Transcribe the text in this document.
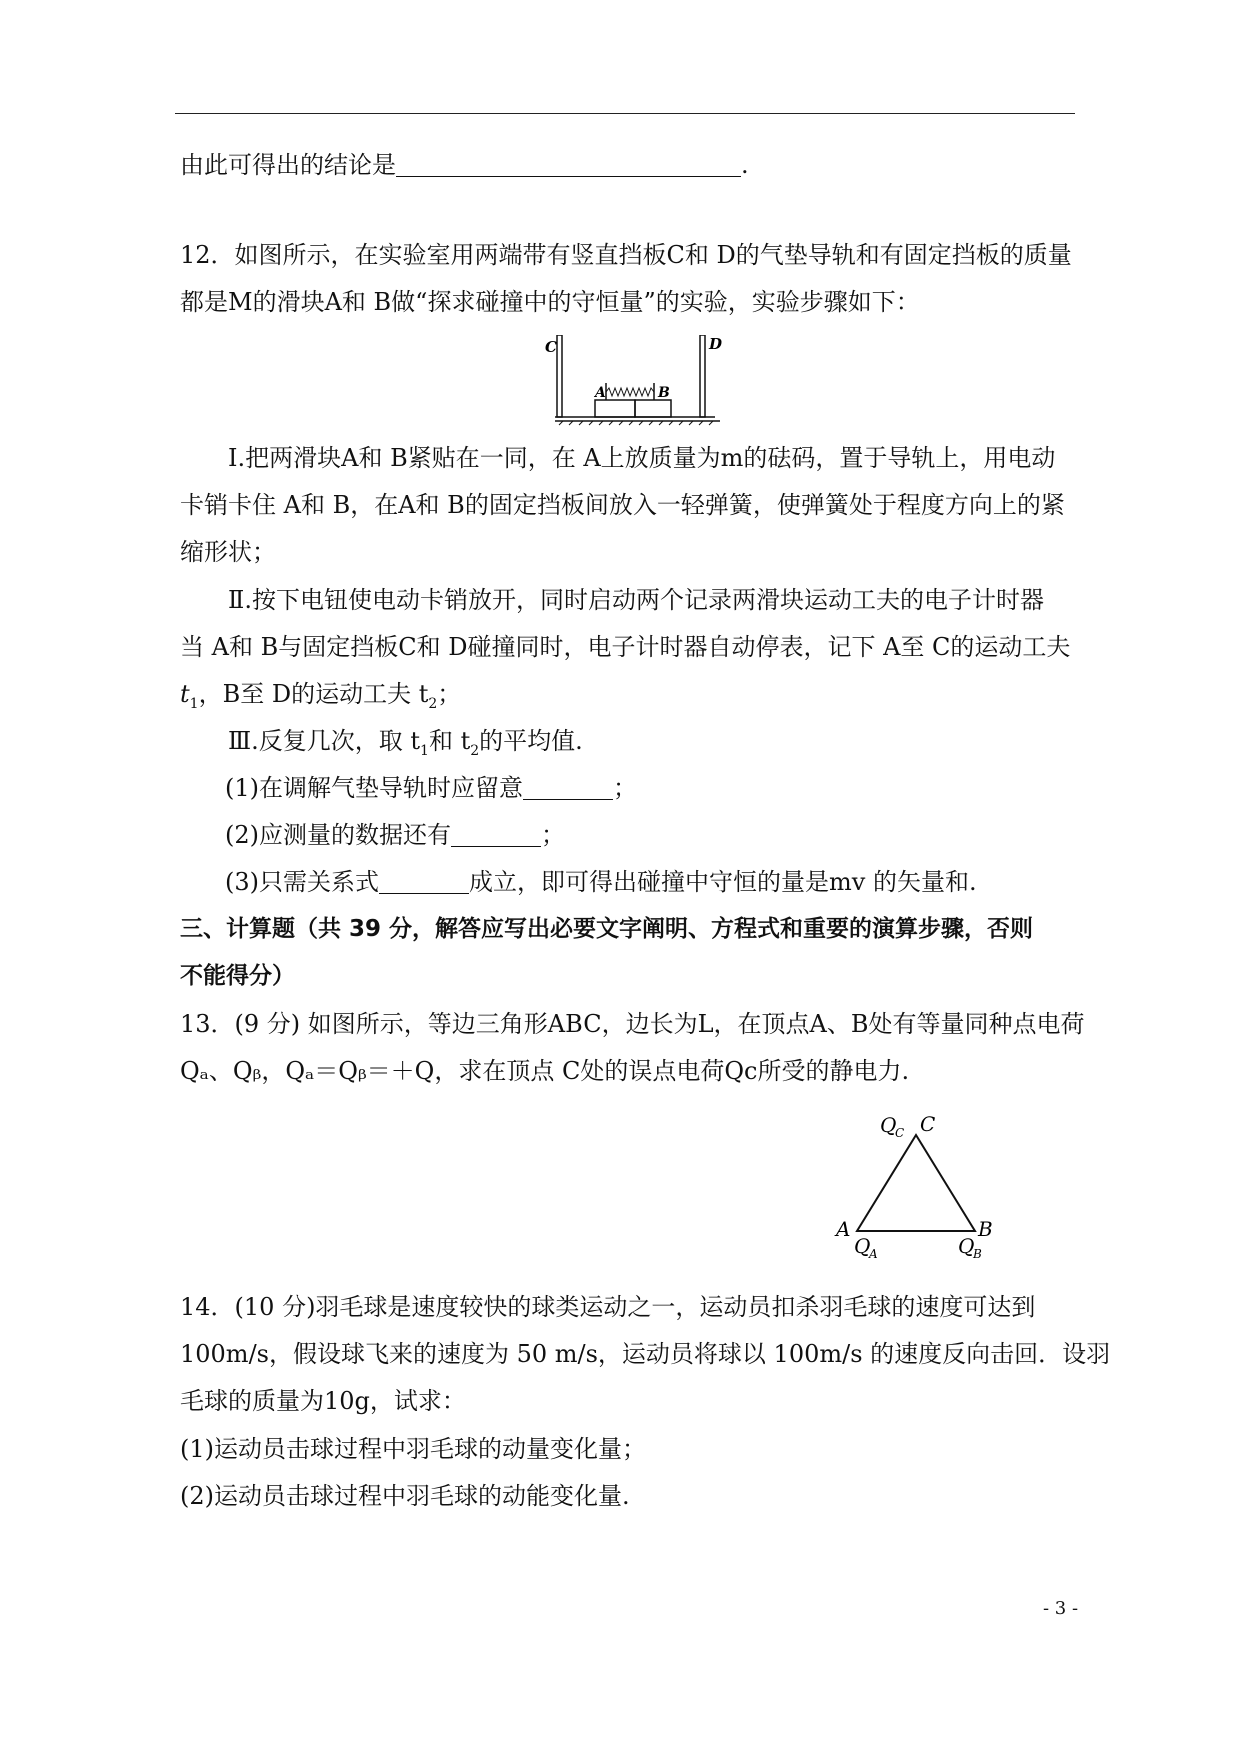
由此可得出的结论是	.
12．如图所示，在实验室用两端带有竖直挡板C和 D的气垫导轨和有固定挡板的质量
都是M的滑块A和 B做“探求碰撞中的守恒量”的实验，实验步骤如下：
C	D
A	B
Ⅰ.把两滑块A和 B紧贴在一同，在 A上放质量为m的砝码，置于导轨上，用电动
卡销卡住 A和 B，在A和 B的固定挡板间放入一轻弹簧，使弹簧处于程度方向上的紧
缩形状；
Ⅱ.按下电钮使电动卡销放开，同时启动两个记录两滑块运动工夫的电子计时器
当 A和 B与固定挡板C和 D碰撞同时，电子计时器自动停表，记下 A至 C的运动工夫
$t_1$，B至 D的运动工夫 $t_2$；
Ⅲ.反复几次，取 $t_1$和 $t_2$的平均值.
(1)在调解气垫导轨时应留意	；
(2)应测量的数据还有	；
(3)只需关系式	成立，即可得出碰撞中守恒的量是mv 的矢量和.
三、计算题（共 39 分，解答应写出必要文字阐明、方程式和重要的演算步骤，否则
不能得分）
13．(9 分) 如图所示，等边三角形ABC，边长为L，在顶点A、B处有等量同种点电荷
Qₐ、Qᵦ，Qₐ＝Qᵦ＝＋Q，求在顶点 C处的误点电荷Qc所受的静电力.
Q
C C
A
Q
A
B
Q
B
14．(10 分)羽毛球是速度较快的球类运动之一，运动员扣杀羽毛球的速度可达到
100m/s，假设球飞来的速度为 50 m/s，运动员将球以 100m/s 的速度反向击回．设羽
毛球的质量为10g，试求：
(1)运动员击球过程中羽毛球的动量变化量；
(2)运动员击球过程中羽毛球的动能变化量.
- 3 -
